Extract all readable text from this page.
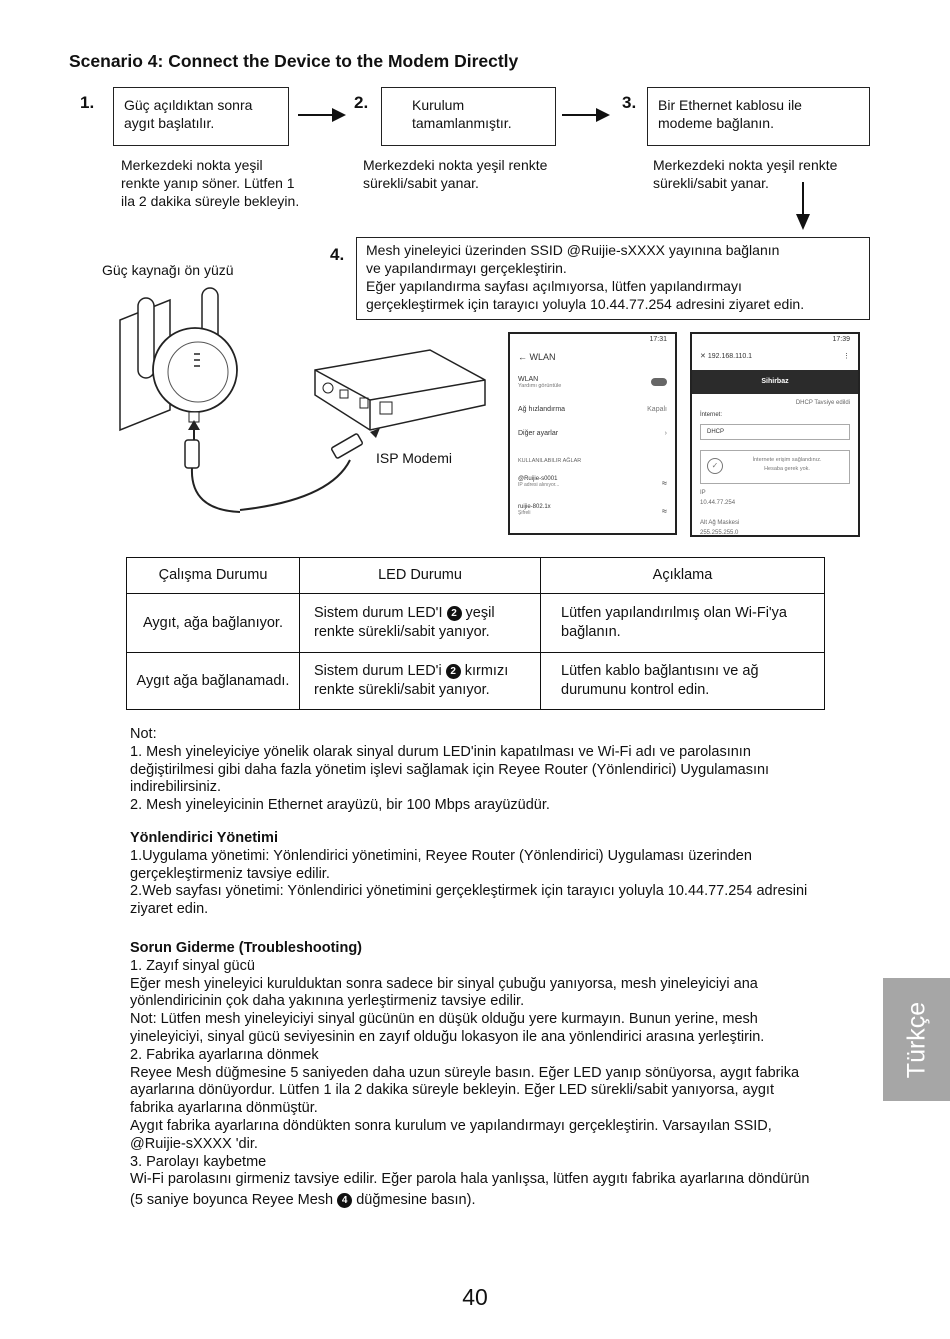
Scenario 4: Connect the Device to the Modem Directly
1.	2.	3.
4.
Güç açıldıktan sonra aygıt başlatılır.
Kurulum tamamlanmıştır.
Bir Ethernet kablosu ile modeme bağlanın.
Mesh yineleyici üzerinden SSID @Ruijie-sXXXX yayınına bağlanın
ve yapılandırmayı gerçekleştirin.
Eğer yapılandırma sayfası açılmıyorsa, lütfen yapılandırmayı
gerçekleştirmek için tarayıcı yoluyla 10.44.77.254 adresini ziyaret edin.
Merkezdeki nokta yeşil renkte yanıp söner. Lütfen 1 ila 2 dakika süreyle bekleyin.
Merkezdeki nokta yeşil renkte sürekli/sabit yanar.
Merkezdeki nokta yeşil renkte sürekli/sabit yanar.
Güç kaynağı ön yüzü
ISP Modemi
17:31
← WLAN
WLAN
Yardımı görüntüle
Ağ hızlandırma	Kapalı
Diğer ayarlar	›
KULLANILABILIR AĞLAR
@Ruijie-s0001
IP adresi alınıyor...	≈
ruijie-802.1x
Şifreli	≈
17:39
✕ 192.168.110.1	⋮
Sihirbaz
DHCP Tavsiye edildi
İnternet:
DHCP
✓
İnternete erişim sağlandınız.
Hesaba gerek yok.
IP
10.44.77.254
Alt Ağ Maskesi
255.255.255.0
Çalışma Durumu	LED Durumu	Açıklama
Aygıt, ağa bağlanıyor.	Sistem durum LED'I 2 yeşil
renkte sürekli/sabit yanıyor.	Lütfen yapılandırılmış olan Wi-Fi'ya
bağlanın.
Aygıt ağa bağlanamadı.	Sistem durum LED'i 2 kırmızı
renkte sürekli/sabit yanıyor.	Lütfen kablo bağlantısını ve ağ
durumunu kontrol edin.
Not:
1. Mesh yineleyiciye yönelik olarak sinyal durum LED'inin kapatılması ve Wi-Fi adı ve parolasının
değiştirilmesi gibi daha fazla yönetim işlevi sağlamak için Reyee Router (Yönlendirici) Uygulamasını
indirebilirsiniz.
2. Mesh yineleyicinin Ethernet arayüzü, bir 100 Mbps arayüzüdür.
Yönlendirici Yönetimi
1.Uygulama yönetimi: Yönlendirici yönetimini, Reyee Router (Yönlendirici) Uygulaması üzerinden
gerçekleştirmeniz tavsiye edilir.
2.Web sayfası yönetimi: Yönlendirici yönetimini gerçekleştirmek için tarayıcı yoluyla 10.44.77.254 adresini
ziyaret edin.
Sorun Giderme (Troubleshooting)
1. Zayıf sinyal gücü
Eğer mesh yineleyici kurulduktan sonra sadece bir sinyal çubuğu yanıyorsa, mesh yineleyiciyi ana
yönlendiricinin çok daha yakınına yerleştirmeniz tavsiye edilir.
Not: Lütfen mesh yineleyiciyi sinyal gücünün en düşük olduğu yere kurmayın. Bunun yerine, mesh
yineleyiciyi, sinyal gücü seviyesinin en zayıf olduğu lokasyon ile ana yönlendirici arasına yerleştirin.
2. Fabrika ayarlarına dönmek
Reyee Mesh düğmesine 5 saniyeden daha uzun süreyle basın. Eğer LED yanıp sönüyorsa, aygıt fabrika
ayarlarına dönüyordur. Lütfen 1 ila 2 dakika süreyle bekleyin. Eğer LED sürekli/sabit yanıyorsa, aygıt
fabrika ayarlarına dönmüştür.
Aygıt fabrika ayarlarına döndükten sonra kurulum ve yapılandırmayı gerçekleştirin. Varsayılan SSID,
@Ruijie-sXXXX 'dir.
3. Parolayı kaybetme
Wi-Fi parolasını girmeniz tavsiye edilir. Eğer parola hala yanlışsa, lütfen aygıtı fabrika ayarlarına döndürün
(5 saniye boyunca Reyee Mesh 4 düğmesine basın).
Türkçe
40
